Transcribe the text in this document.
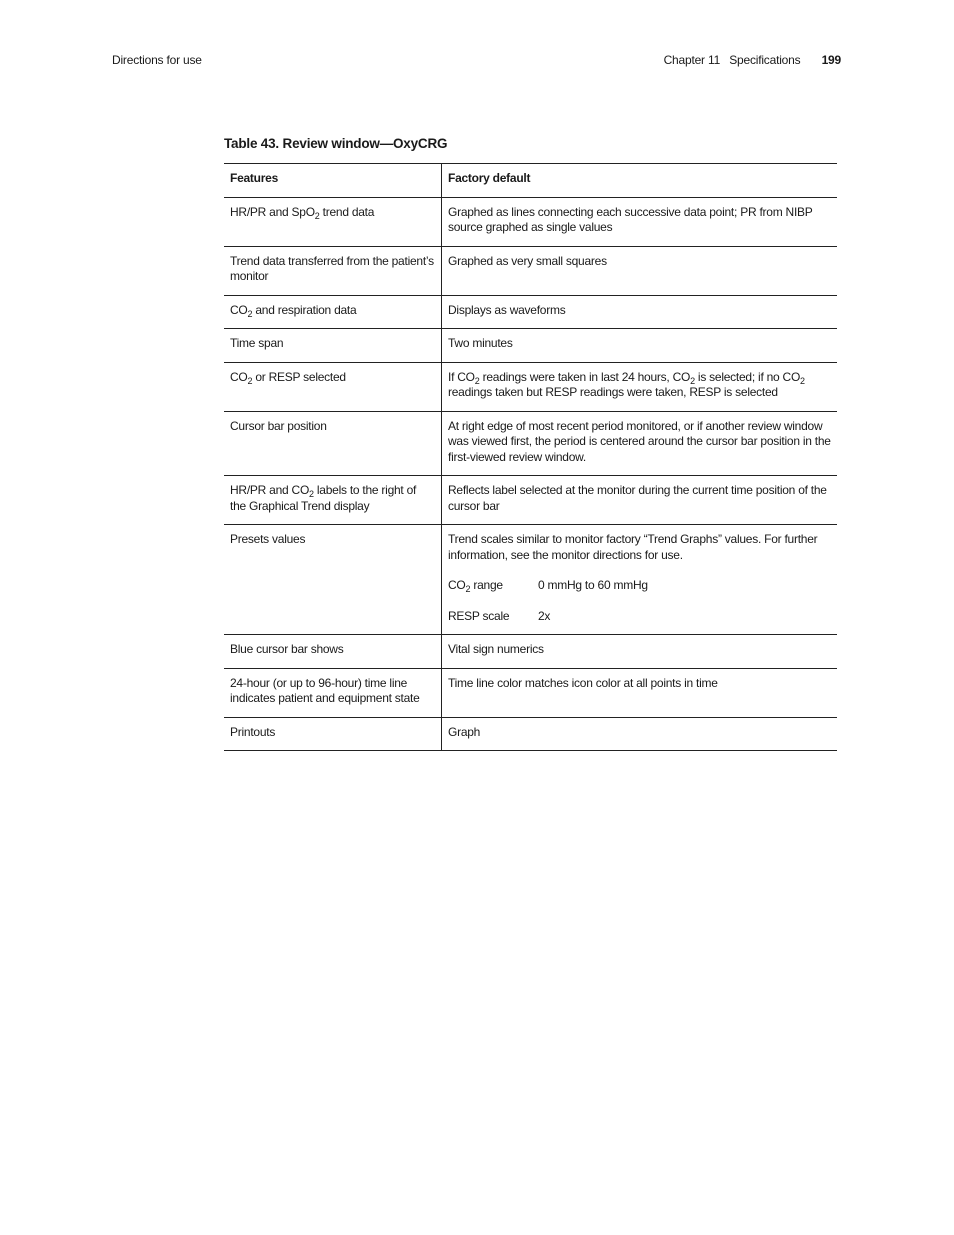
Directions for use	Chapter 11 Specifications 199
Table 43. Review window—OxyCRG
Features	Factory default
HR/PR and SpO$_2$ trend data	Graphed as lines connecting each successive data point; PR from NIBP source graphed as single values
Trend data transferred from the patient’s monitor	Graphed as very small squares
$CO_2$ and respiration data	Displays as waveforms
Time span	Two minutes
$CO_2$ or RESP selected	If $CO_2$ readings were taken in last 24 hours, $CO_2$ is selected; if no $CO_2$
readings taken but RESP readings were taken, RESP is selected

Cursor bar position	At right edge of most recent period monitored, or if another review window was viewed first, the period is centered around the cursor bar position in the first-viewed review window.
HR/PR and $CO_2$ labels to the right of the Graphical Trend display	Reflects label selected at the monitor during the current time position of the cursor bar
Presets values	Trend scales similar to monitor factory “Trend Graphs” values. For further information, see the monitor directions for use.
$CO_2$ range 0 mmHg to 60 mmHg
RESP scale 2x

Blue cursor bar shows	Vital sign numerics
24-hour (or up to 96-hour) time line indicates patient and equipment state	Time line color matches icon color at all points in time
Printouts	Graph
